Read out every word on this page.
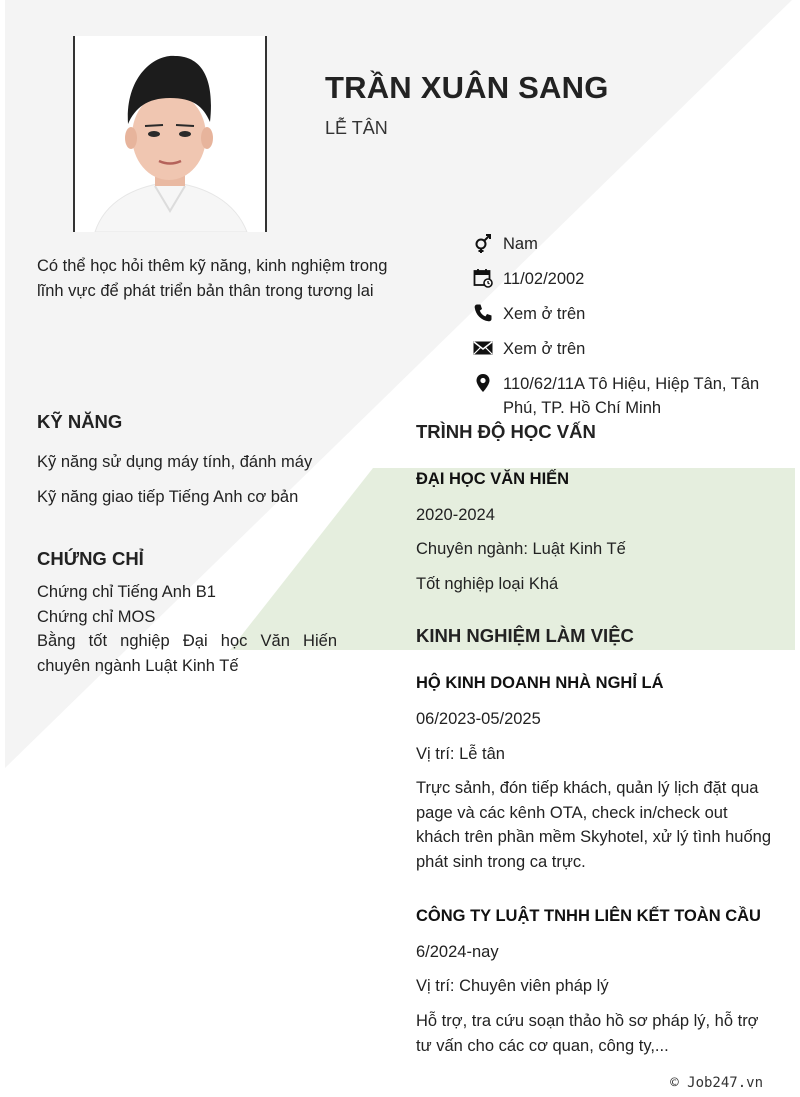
TRẦN XUÂN SANG
LỄ TÂN
Có thể học hỏi thêm kỹ năng, kinh nghiệm trong lĩnh vực để phát triển bản thân trong tương lai
Nam
11/02/2002
Xem ở trên
Xem ở trên
110/62/11A Tô Hiệu, Hiệp Tân, Tân Phú, TP. Hồ Chí Minh
KỸ NĂNG
Kỹ năng sử dụng máy tính, đánh máy
Kỹ năng giao tiếp Tiếng Anh cơ bản
CHỨNG CHỈ
Chứng chỉ Tiếng Anh B1
Chứng chỉ MOS
Bằng tốt nghiệp Đại học Văn Hiến chuyên ngành Luật Kinh Tế
TRÌNH ĐỘ HỌC VẤN
ĐẠI HỌC VĂN HIẾN
2020-2024
Chuyên ngành: Luật Kinh Tế
Tốt nghiệp loại Khá
KINH NGHIỆM LÀM VIỆC
HỘ KINH DOANH NHÀ NGHỈ LÁ
06/2023-05/2025
Vị trí: Lễ tân
Trực sảnh, đón tiếp khách, quản lý lịch đặt qua page và các kênh OTA, check in/check out khách trên phần mềm Skyhotel, xử lý tình huống phát sinh trong ca trực.
CÔNG TY LUẬT TNHH LIÊN KẾT TOÀN CẦU
6/2024-nay
Vị trí: Chuyên viên pháp lý
Hỗ trợ, tra cứu soạn thảo hồ sơ pháp lý, hỗ trợ tư vấn cho các cơ quan, công ty,...
© Job247.vn
